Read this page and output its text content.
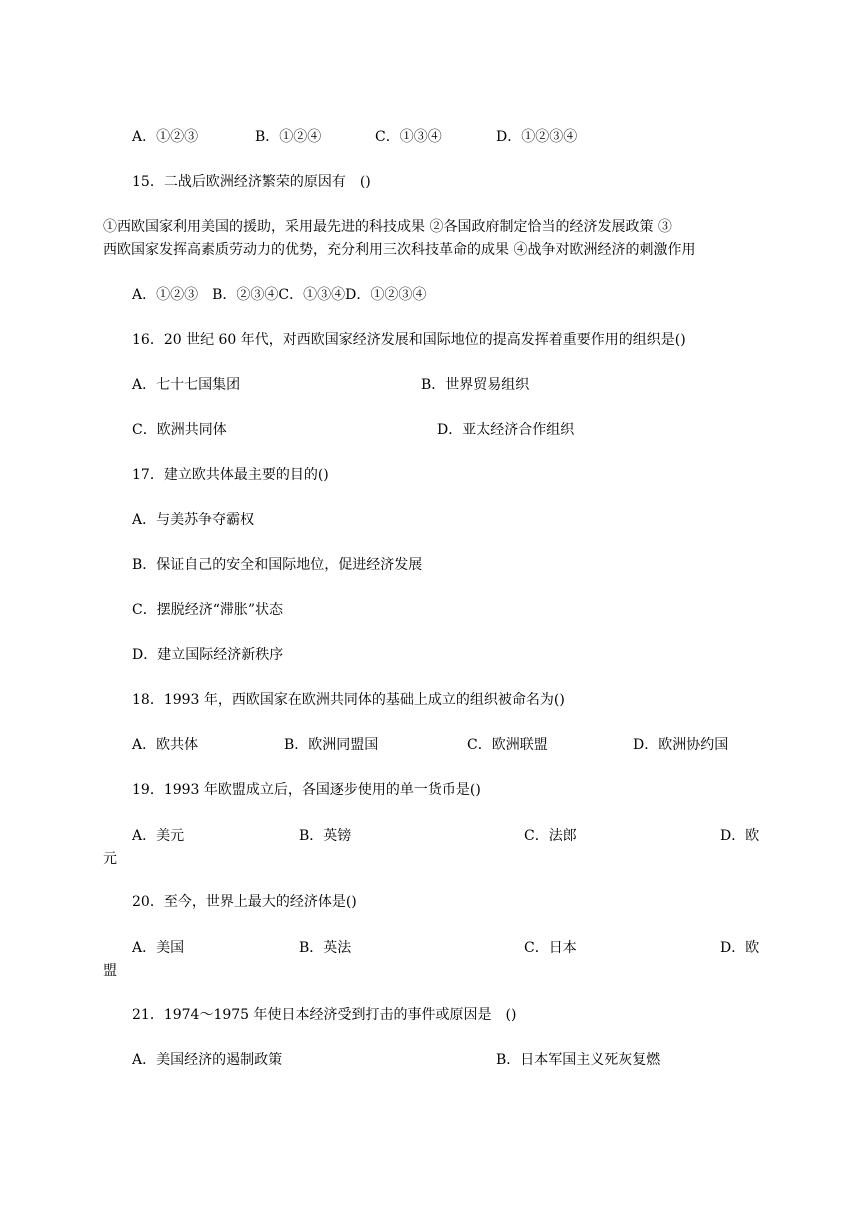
A．①②③	B．①②④	C．①③④	D．①②③④
15．二战后欧洲经济繁荣的原因有　()
①西欧国家利用美国的援助，采用最先进的科技成果 ②各国政府制定恰当的经济发展政策 ③
西欧国家发挥高素质劳动力的优势，充分利用三次科技革命的成果 ④战争对欧洲经济的刺激作用
A．①②③　B．②③④C．①③④D．①②③④
16．20 世纪 60 年代，对西欧国家经济发展和国际地位的提高发挥着重要作用的组织是()
A．七十七国集团	B．世界贸易组织
C．欧洲共同体	D．亚太经济合作组织
17．建立欧共体最主要的目的()
A．与美苏争夺霸权
B．保证自己的安全和国际地位，促进经济发展
C．摆脱经济“滞胀”状态
D．建立国际经济新秩序
18．1993 年，西欧国家在欧洲共同体的基础上成立的组织被命名为()
A．欧共体	B．欧洲同盟国	C．欧洲联盟	D．欧洲协约国
19．1993 年欧盟成立后，各国逐步使用的单一货币是()
A．美元	B．英镑	C．法郎	D．欧
元
20．至今，世界上最大的经济体是()
A．美国	B．英法	C．日本	D．欧
盟
21．1974～1975 年使日本经济受到打击的事件或原因是　()
A．美国经济的遏制政策	B．日本军国主义死灰复燃
